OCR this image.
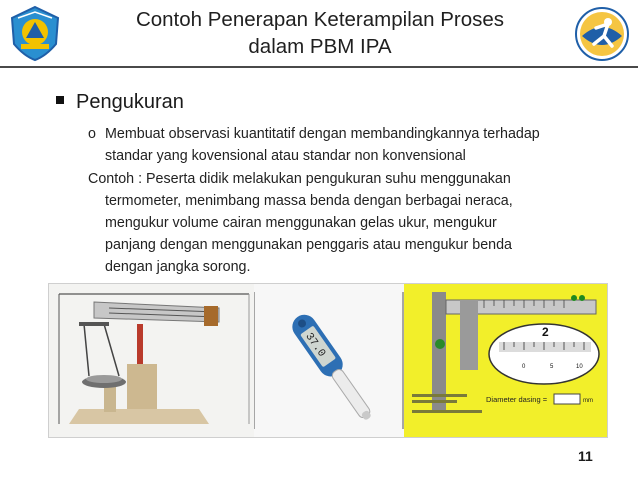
Contoh Penerapan Keterampilan Proses
dalam PBM IPA
Pengukuran
o Membuat observasi kuantitatif dengan membandingkannya terhadap
standar yang kovensional atau standar non konvensional
Contoh : Peserta didik melakukan pengukuran suhu menggunakan
termometer, menimbang massa benda dengan berbagai neraca,
mengukur volume cairan menggunakan gelas ukur, mengukur
panjang dengan menggunakan penggaris atau mengukur benda
dengan jangka sorong.
37.0	2
0	5	10
Diameter dasing =	mm
11
